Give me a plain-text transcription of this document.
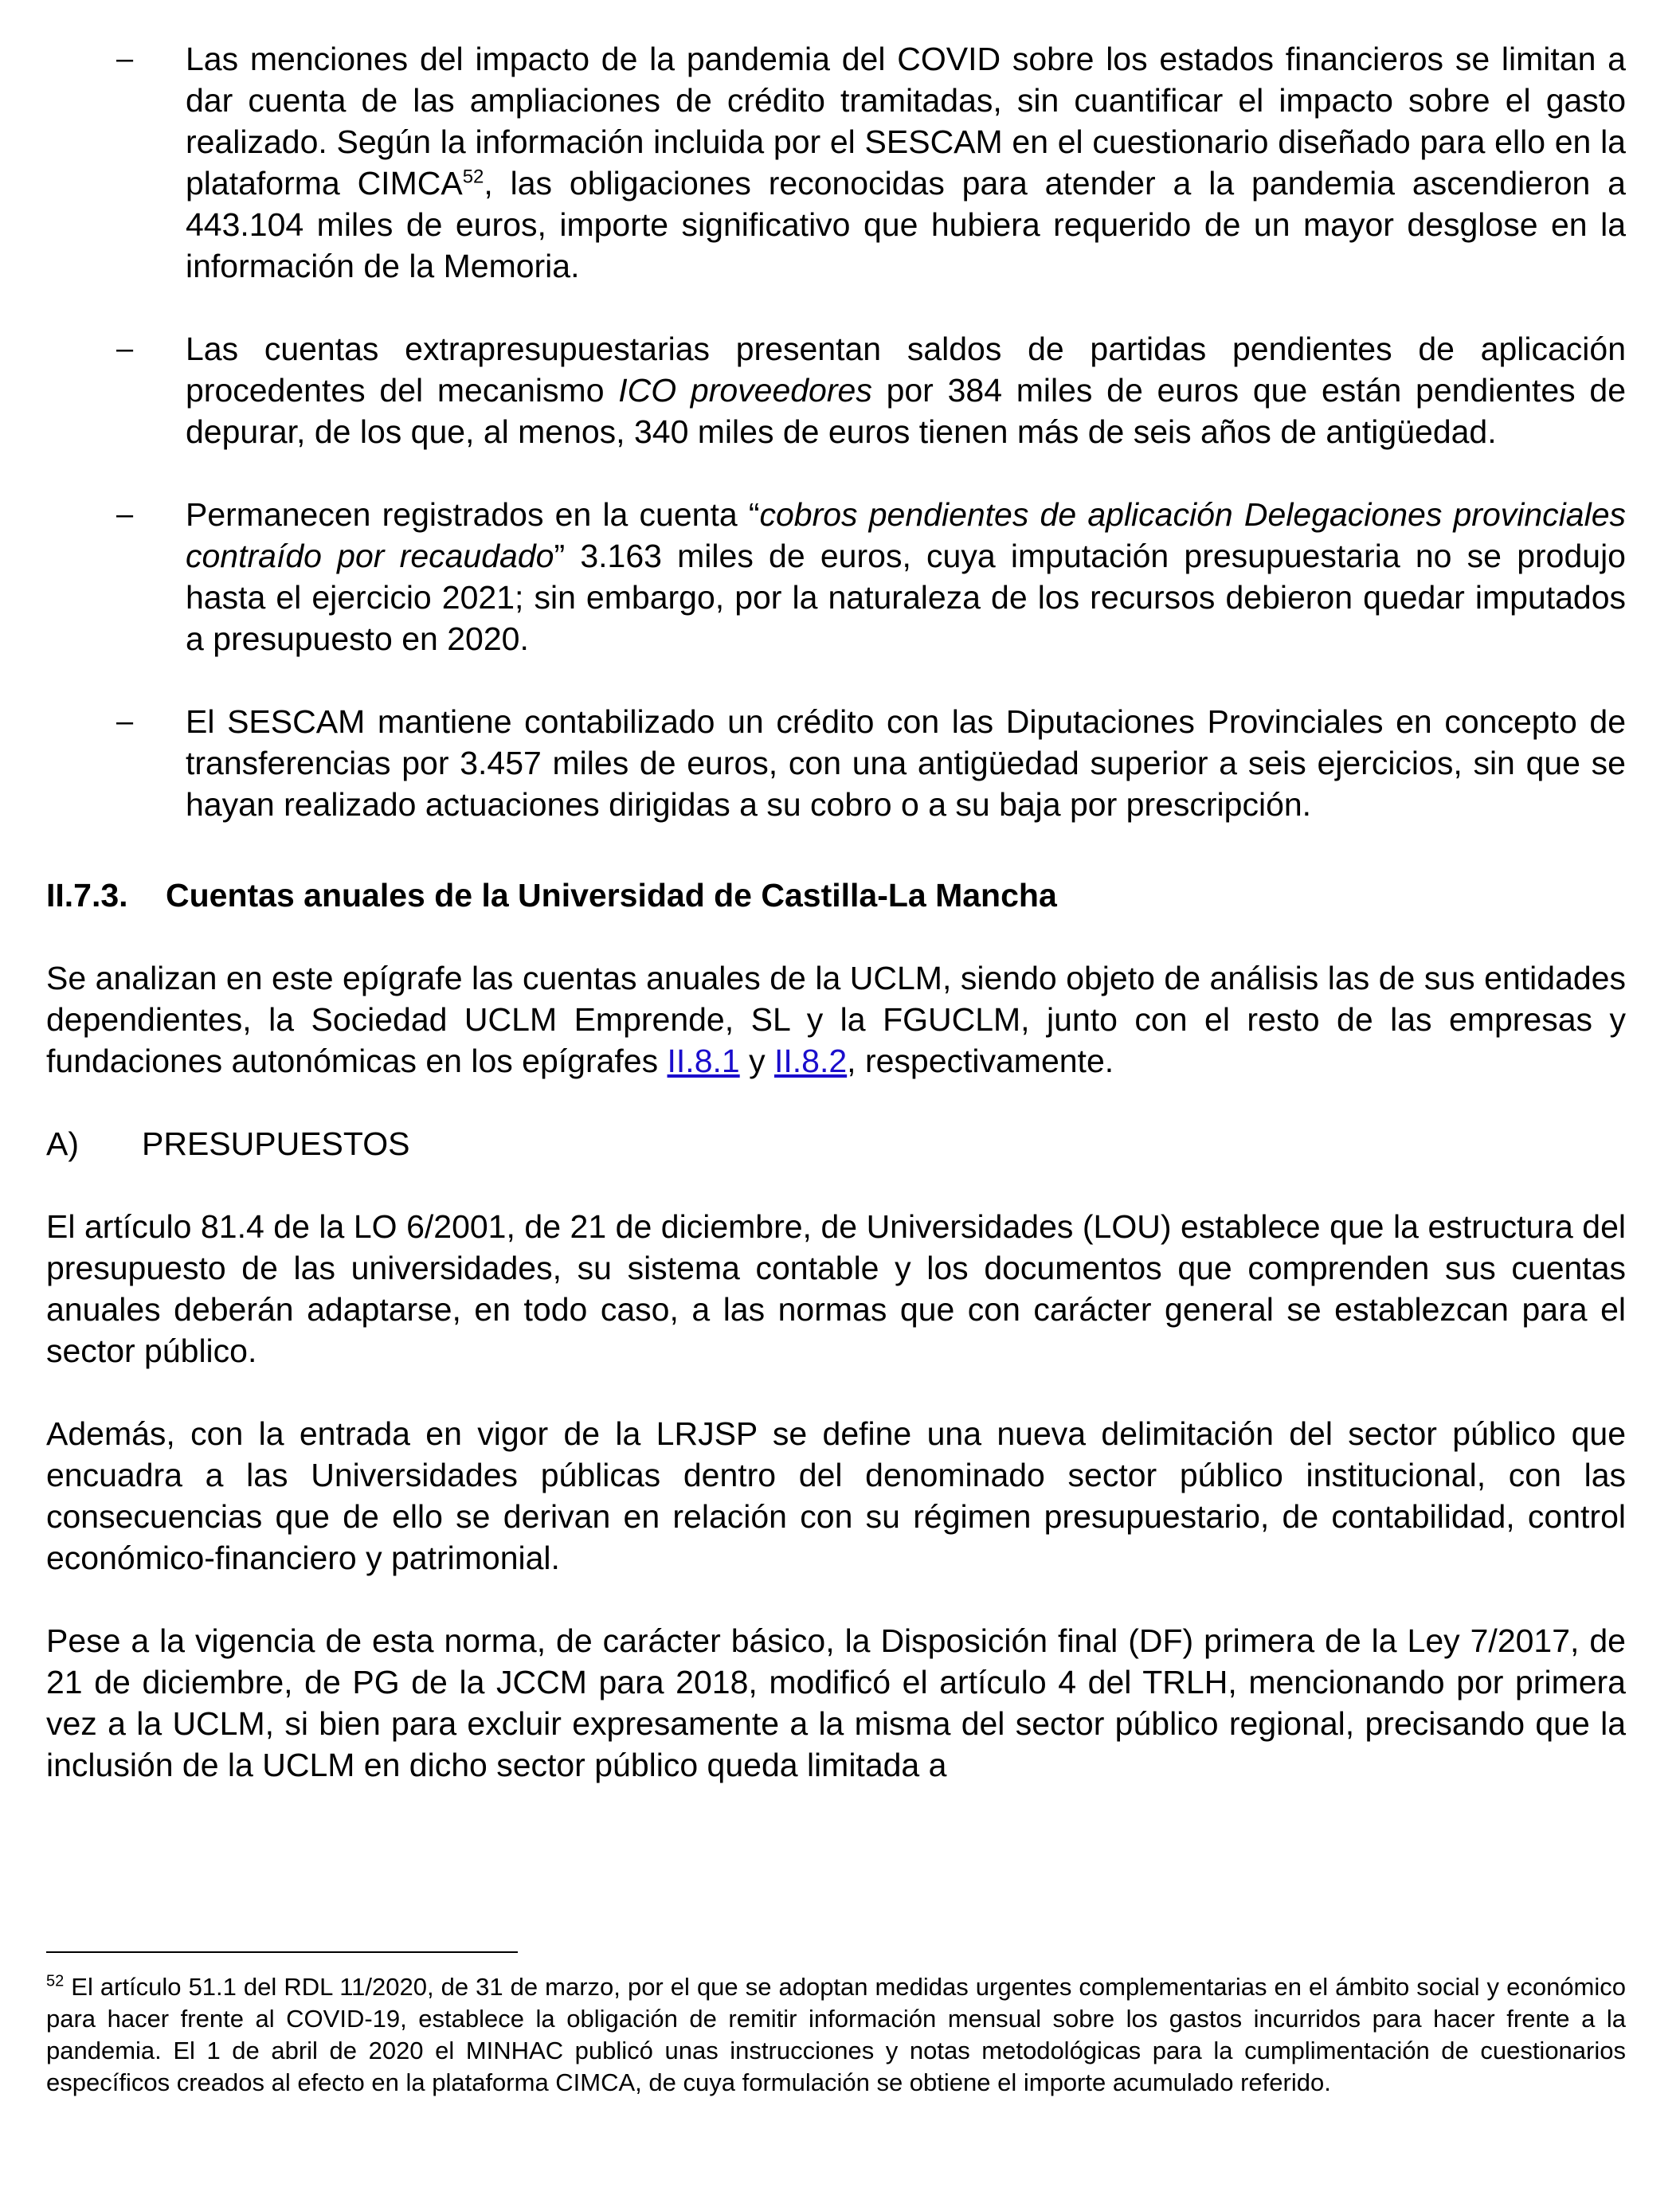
– Las menciones del impacto de la pandemia del COVID sobre los estados financieros se limitan a dar cuenta de las ampliaciones de crédito tramitadas, sin cuantificar el impacto sobre el gasto realizado. Según la información incluida por el SESCAM en el cuestionario diseñado para ello en la plataforma CIMCA$^{52}$, las obligaciones reconocidas para atender a la pandemia ascendieron a 443.104 miles de euros, importe significativo que hubiera requerido de un mayor desglose en la información de la Memoria.

– Las cuentas extrapresupuestarias presentan saldos de partidas pendientes de aplicación procedentes del mecanismo ICO proveedores por 384 miles de euros que están pendientes de depurar, de los que, al menos, 340 miles de euros tienen más de seis años de antigüedad.

– Permanecen registrados en la cuenta “cobros pendientes de aplicación Delegaciones provinciales contraído por recaudado” 3.163 miles de euros, cuya imputación presupuestaria no se produjo hasta el ejercicio 2021; sin embargo, por la naturaleza de los recursos debieron quedar imputados a presupuesto en 2020.

– El SESCAM mantiene contabilizado un crédito con las Diputaciones Provinciales en concepto de transferencias por 3.457 miles de euros, con una antigüedad superior a seis ejercicios, sin que se hayan realizado actuaciones dirigidas a su cobro o a su baja por prescripción.

II.7.3. Cuentas anuales de la Universidad de Castilla-La Mancha

Se analizan en este epígrafe las cuentas anuales de la UCLM, siendo objeto de análisis las de sus entidades dependientes, la Sociedad UCLM Emprende, SL y la FGUCLM, junto con el resto de las empresas y fundaciones autonómicas en los epígrafes II.8.1 y II.8.2, respectivamente.

A) PRESUPUESTOS

El artículo 81.4 de la LO 6/2001, de 21 de diciembre, de Universidades (LOU) establece que la estructura del presupuesto de las universidades, su sistema contable y los documentos que comprenden sus cuentas anuales deberán adaptarse, en todo caso, a las normas que con carácter general se establezcan para el sector público.

Además, con la entrada en vigor de la LRJSP se define una nueva delimitación del sector público que encuadra a las Universidades públicas dentro del denominado sector público institucional, con las consecuencias que de ello se derivan en relación con su régimen presupuestario, de contabilidad, control económico-financiero y patrimonial.

Pese a la vigencia de esta norma, de carácter básico, la Disposición final (DF) primera de la Ley 7/2017, de 21 de diciembre, de PG de la JCCM para 2018, modificó el artículo 4 del TRLH, mencionando por primera vez a la UCLM, si bien para excluir expresamente a la misma del sector público regional, precisando que la inclusión de la UCLM en dicho sector público queda limitada a

$^{52}$ El artículo 51.1 del RDL 11/2020, de 31 de marzo, por el que se adoptan medidas urgentes complementarias en el ámbito social y económico para hacer frente al COVID-19, establece la obligación de remitir información mensual sobre los gastos incurridos para hacer frente a la pandemia. El 1 de abril de 2020 el MINHAC publicó unas instrucciones y notas metodológicas para la cumplimentación de cuestionarios específicos creados al efecto en la plataforma CIMCA, de cuya formulación se obtiene el importe acumulado referido.
